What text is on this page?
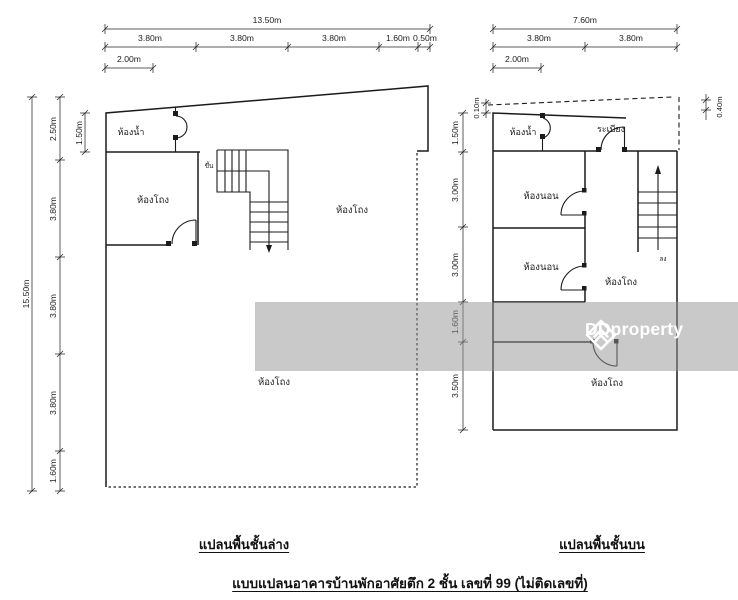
ขึ้น
ห้องน้ำ
ห้องโถง
ห้องโถง
ห้องโถง
13.50m
3.80m	3.80m	3.80m	1.60m 0.50m
2.00m
15.50m
2.50m
3.80m
3.80m
3.80m
1.60m
1.50m
ลง
ห้องน้ำ	ระเบียง
ห้องนอน
ห้องนอน
ห้องโถง
ห้องโถง
7.60m
3.80m	3.80m
2.00m
1.50m
3.00m
3.00m
3.50m
0.10m	0.40m
DDproperty
แปลนพื้นชั้นล่าง	แปลนพื้นชั้นบน
แบบแปลนอาคารบ้านพักอาศัยตึก 2 ชั้น เลขที่ 99 (ไม่ติดเลขที่)
